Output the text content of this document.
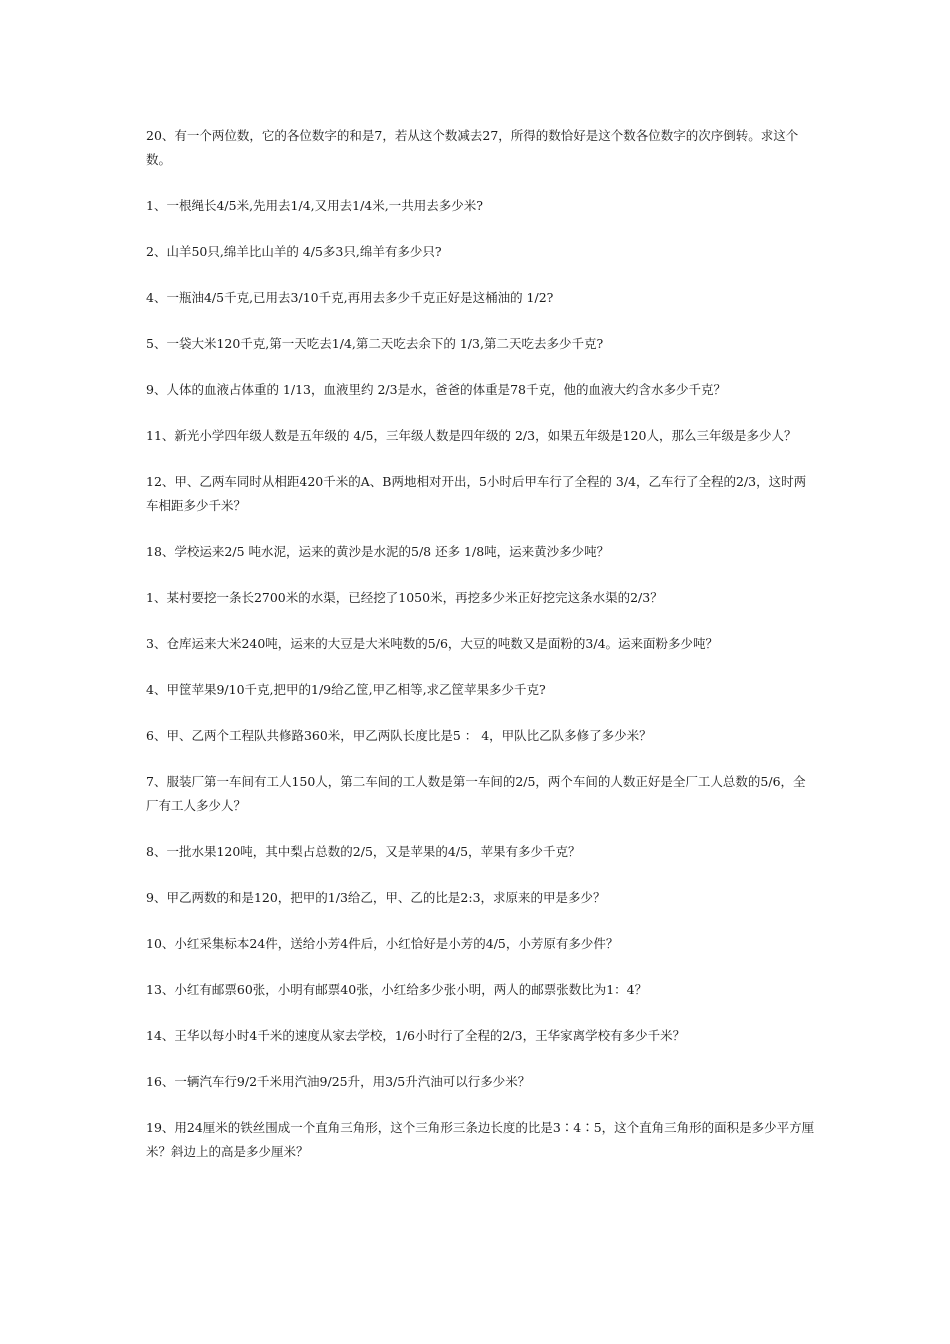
20、有一个两位数，它的各位数字的和是7，若从这个数减去27，所得的数恰好是这个数各位数字的次序倒转。求这个数。

1、一根绳长4/5米,先用去1/4,又用去1/4米,一共用去多少米?

2、山羊50只,绵羊比山羊的 4/5多3只,绵羊有多少只?

4、一瓶油4/5千克,已用去3/10千克,再用去多少千克正好是这桶油的 1/2?

5、一袋大米120千克,第一天吃去1/4,第二天吃去余下的 1/3,第二天吃去多少千克?

9、人体的血液占体重的 1/13，血液里约 2/3是水，爸爸的体重是78千克，他的血液大约含水多少千克？

11、新光小学四年级人数是五年级的 4/5，三年级人数是四年级的 2/3，如果五年级是120人，那么三年级是多少人？

12、甲、乙两车同时从相距420千米的A、B两地相对开出，5小时后甲车行了全程的 3/4，乙车行了全程的2/3，这时两车相距多少千米？

18、学校运来2/5 吨水泥，运来的黄沙是水泥的5/8 还多 1/8吨，运来黄沙多少吨？

1、某村要挖一条长2700米的水渠，已经挖了1050米，再挖多少米正好挖完这条水渠的2/3？

3、仓库运来大米240吨，运来的大豆是大米吨数的5/6，大豆的吨数又是面粉的3/4。运来面粉多少吨？

4、甲筐苹果9/10千克,把甲的1/9给乙筐,甲乙相等,求乙筐苹果多少千克?

6、甲、乙两个工程队共修路360米，甲乙两队长度比是5 ： 4，甲队比乙队多修了多少米？

7、服装厂第一车间有工人150人，第二车间的工人数是第一车间的2/5，两个车间的人数正好是全厂工人总数的5/6，全厂有工人多少人？

8、一批水果120吨，其中梨占总数的2/5，又是苹果的4/5，苹果有多少千克？

9、甲乙两数的和是120，把甲的1/3给乙，甲、乙的比是2:3，求原来的甲是多少？

10、小红采集标本24件，送给小芳4件后，小红恰好是小芳的4/5，小芳原有多少件？

13、小红有邮票60张，小明有邮票40张，小红给多少张小明，两人的邮票张数比为1：4？

14、王华以每小时4千米的速度从家去学校，1/6小时行了全程的2/3，王华家离学校有多少千米？

16、一辆汽车行9/2千米用汽油9/25升，用3/5升汽油可以行多少米？

19、用24厘米的铁丝围成一个直角三角形，这个三角形三条边长度的比是3∶4∶5，这个直角三角形的面积是多少平方厘米？斜边上的高是多少厘米？
